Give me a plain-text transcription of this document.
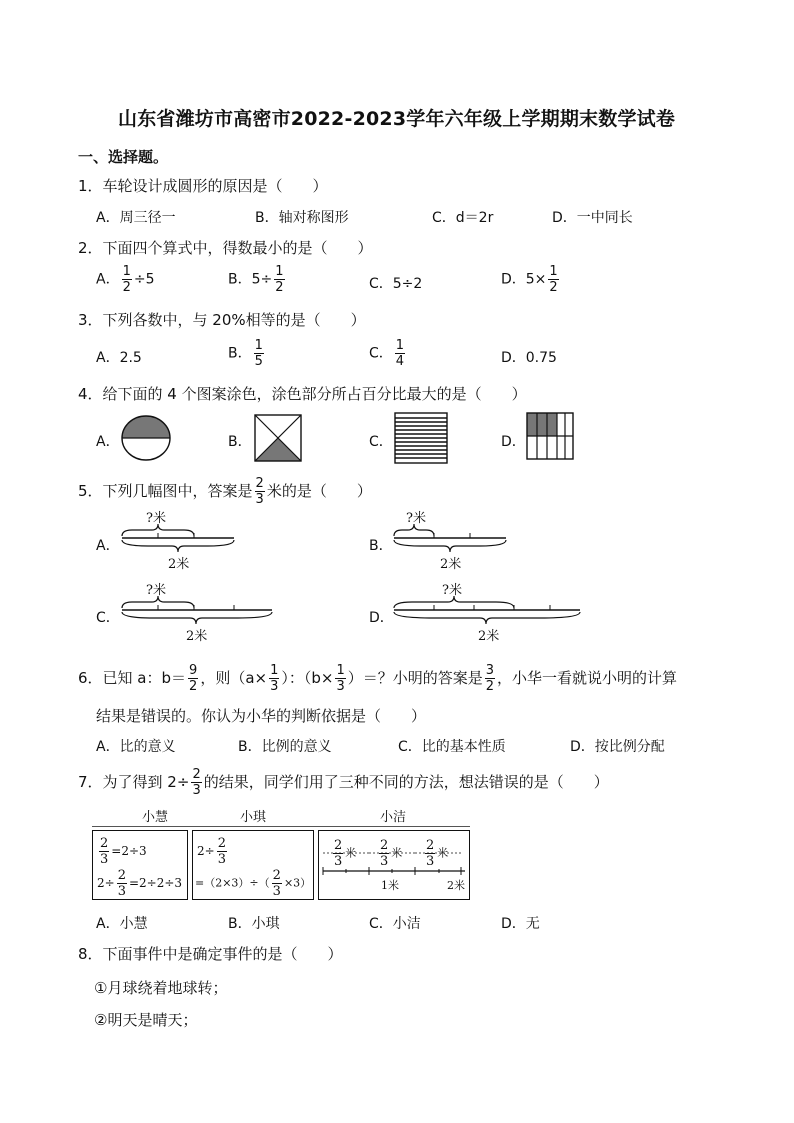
山东省潍坊市高密市2022-2023学年六年级上学期期末数学试卷
一、选择题。
1．车轮设计成圆形的原因是（　　）
A．周三径一	B．轴对称图形	C．d＝2r	D．一中同长
2．下面四个算式中，得数最小的是（　　）
A． $\frac{1}{2} \div 5$	B．$5\div \frac{1}{2}$	C．5÷2	D．$5\times \frac{1}{2}$
3．下列各数中，与 20%相等的是（　　）
A．2.5	B． $\frac{1}{5}$	C． $\frac{1}{4}$	D．0.75
4．给下面的 4 个图案涂色，涂色部分所占百分比最大的是（　　）
A．	B．	C．	D．
5．下列几幅图中，答案是 $\frac{2}{3}$ 米的是（　　）
A．	B．
C．	D．
?米
2米
?米
2米
?米
2米
?米
2米
6．已知 a：$b= \frac{9}{2}$ ，则（$a\times \frac{1}{3}$ ）：（$b\times \frac{1}{3}$ ）＝？小明的答案是 $\frac{3}{2}$ ，小华一看就说小明的计算
结果是错误的。你认为小华的判断依据是（　　）
A．比的意义	B．比例的意义	C．比的基本性质	D．按比例分配
7．为了得到 $2\div \frac{2}{3}$ 的结果，同学们用了三种不同的方法，想法错误的是（　　）
小慧	小琪	小洁
$\frac{2}{3} =2\div 3$
$2\div \frac{2}{3} =2\div 2\div 3$
$2\div \frac{2}{3}$
$=(2\times 3)\div( \frac{2}{3} \times 3)$
$\frac{2}{3}$ 米 $\frac{2}{3}$ 米 $\frac{2}{3}$ 米
1米	2米
A．小慧	B．小琪	C．小洁	D．无
8．下面事件中是确定事件的是（　　）
①月球绕着地球转；
②明天是晴天；
